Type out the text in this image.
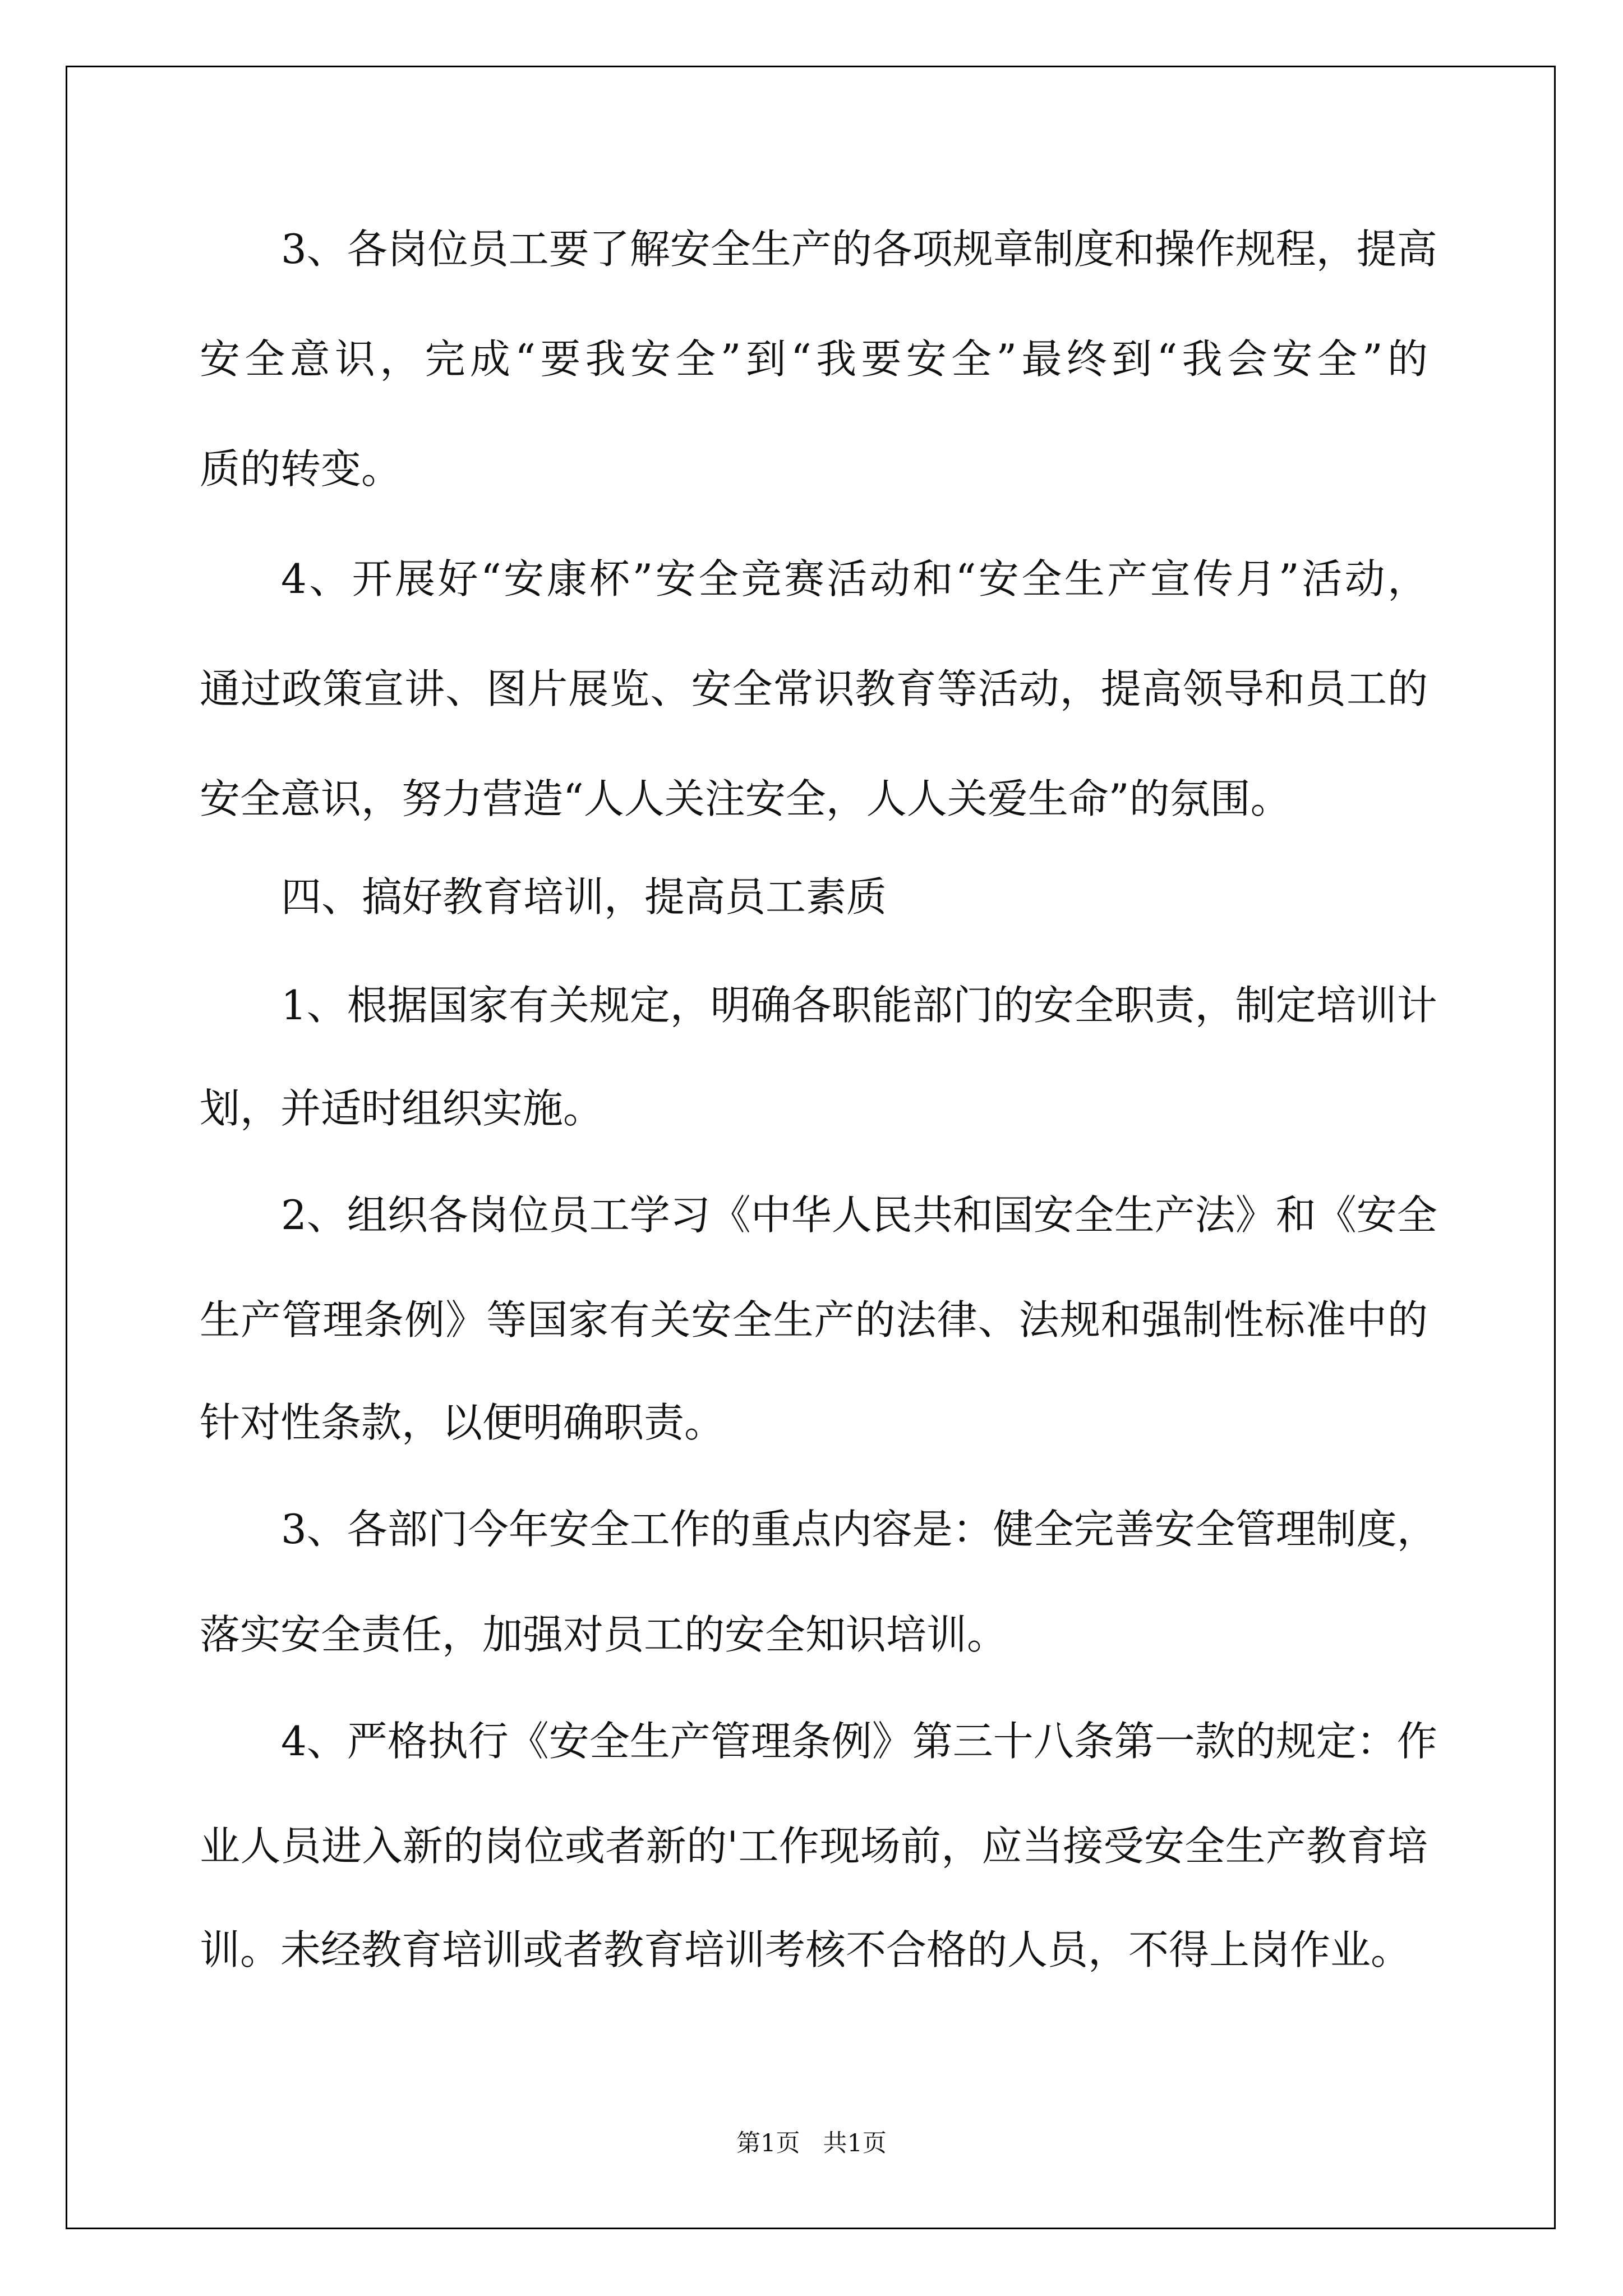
3、各岗位员工要了解安全生产的各项规章制度和操作规程，提高
安全意识，完成“要我安全”到“我要安全”最终到“我会安全”的
质的转变。
4、开展好“安康杯”安全竞赛活动和“安全生产宣传月”活动，
通过政策宣讲、图片展览、安全常识教育等活动，提高领导和员工的
安全意识，努力营造“人人关注安全，人人关爱生命”的氛围。
四、搞好教育培训，提高员工素质
1、根据国家有关规定，明确各职能部门的安全职责，制定培训计
划，并适时组织实施。
2、组织各岗位员工学习《中华人民共和国安全生产法》和《安全
生产管理条例》等国家有关安全生产的法律、法规和强制性标准中的
针对性条款，以便明确职责。
3、各部门今年安全工作的重点内容是：健全完善安全管理制度，
落实安全责任，加强对员工的安全知识培训。
4、严格执行《安全生产管理条例》第三十八条第一款的规定：作
业人员进入新的岗位或者新的'工作现场前，应当接受安全生产教育培
训。未经教育培训或者教育培训考核不合格的人员，不得上岗作业。
第1页   共1页
